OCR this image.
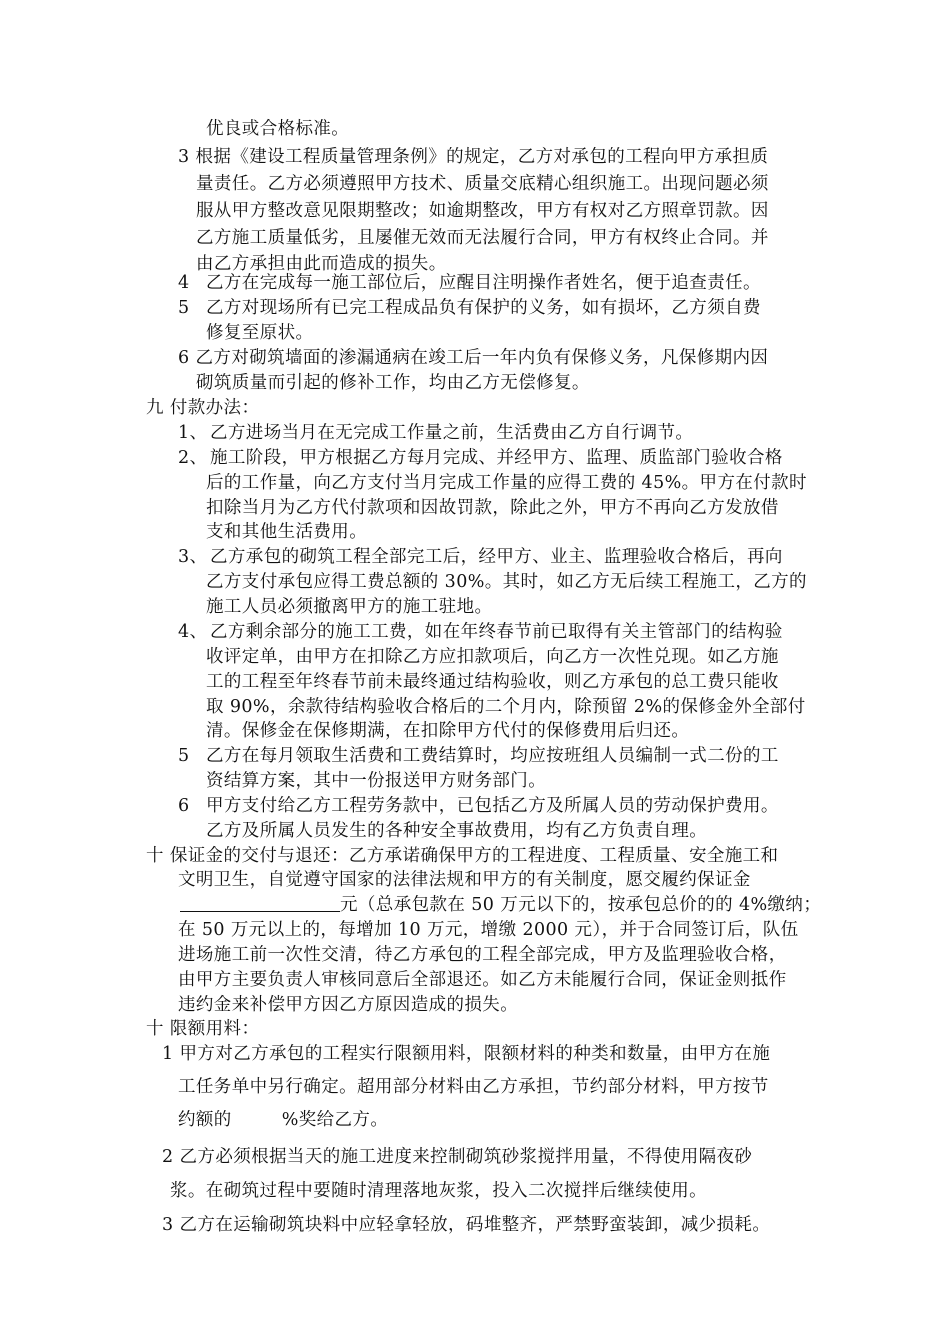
优良或合格标准。
3 根据《建设工程质量管理条例》的规定，乙方对承包的工程向甲方承担质
量责任。乙方必须遵照甲方技术、质量交底精心组织施工。出现问题必须
服从甲方整改意见限期整改；如逾期整改，甲方有权对乙方照章罚款。因
乙方施工质量低劣，且屡催无效而无法履行合同，甲方有权终止合同。并
由乙方承担由此而造成的损失。
4 乙方在完成每一施工部位后，应醒目注明操作者姓名，便于追查责任。
5 乙方对现场所有已完工程成品负有保护的义务，如有损坏，乙方须自费
修复至原状。
6 乙方对砌筑墙面的渗漏通病在竣工后一年内负有保修义务，凡保修期内因
砌筑质量而引起的修补工作，均由乙方无偿修复。
九 付款办法：
1、 乙方进场当月在无完成工作量之前，生活费由乙方自行调节。
2、 施工阶段，甲方根据乙方每月完成、并经甲方、监理、质监部门验收合格
后的工作量，向乙方支付当月完成工作量的应得工费的 45%。甲方在付款时
扣除当月为乙方代付款项和因故罚款，除此之外，甲方不再向乙方发放借
支和其他生活费用。
3、 乙方承包的砌筑工程全部完工后，经甲方、业主、监理验收合格后，再向
乙方支付承包应得工费总额的 30%。其时，如乙方无后续工程施工，乙方的
施工人员必须撤离甲方的施工驻地。
4、 乙方剩余部分的施工工费，如在年终春节前已取得有关主管部门的结构验
收评定单，由甲方在扣除乙方应扣款项后，向乙方一次性兑现。如乙方施
工的工程至年终春节前未最终通过结构验收，则乙方承包的总工费只能收
取 90%，余款待结构验收合格后的二个月内，除预留 2%的保修金外全部付
清。保修金在保修期满，在扣除甲方代付的保修费用后归还。
5 乙方在每月领取生活费和工费结算时，均应按班组人员编制一式二份的工
资结算方案，其中一份报送甲方财务部门。
6 甲方支付给乙方工程劳务款中，已包括乙方及所属人员的劳动保护费用。
乙方及所属人员发生的各种安全事故费用，均有乙方负责自理。
十 保证金的交付与退还：乙方承诺确保甲方的工程进度、工程质量、安全施工和
文明卫生，自觉遵守国家的法律法规和甲方的有关制度，愿交履约保证金
元（总承包款在 50 万元以下的，按承包总价的的 4%缴纳；
在 50 万元以上的，每增加 10 万元，增缴 2000 元），并于合同签订后，队伍
进场施工前一次性交清，待乙方承包的工程全部完成，甲方及监理验收合格，
由甲方主要负责人审核同意后全部退还。如乙方未能履行合同，保证金则抵作
违约金来补偿甲方因乙方原因造成的损失。
十 限额用料：
1 甲方对乙方承包的工程实行限额用料，限额材料的种类和数量，由甲方在施
工任务单中另行确定。超用部分材料由乙方承担，节约部分材料，甲方按节
约额的	%奖给乙方。
2 乙方必须根据当天的施工进度来控制砌筑砂浆搅拌用量，不得使用隔夜砂
浆。在砌筑过程中要随时清理落地灰浆，投入二次搅拌后继续使用。
3 乙方在运输砌筑块料中应轻拿轻放，码堆整齐，严禁野蛮装卸，减少损耗。
